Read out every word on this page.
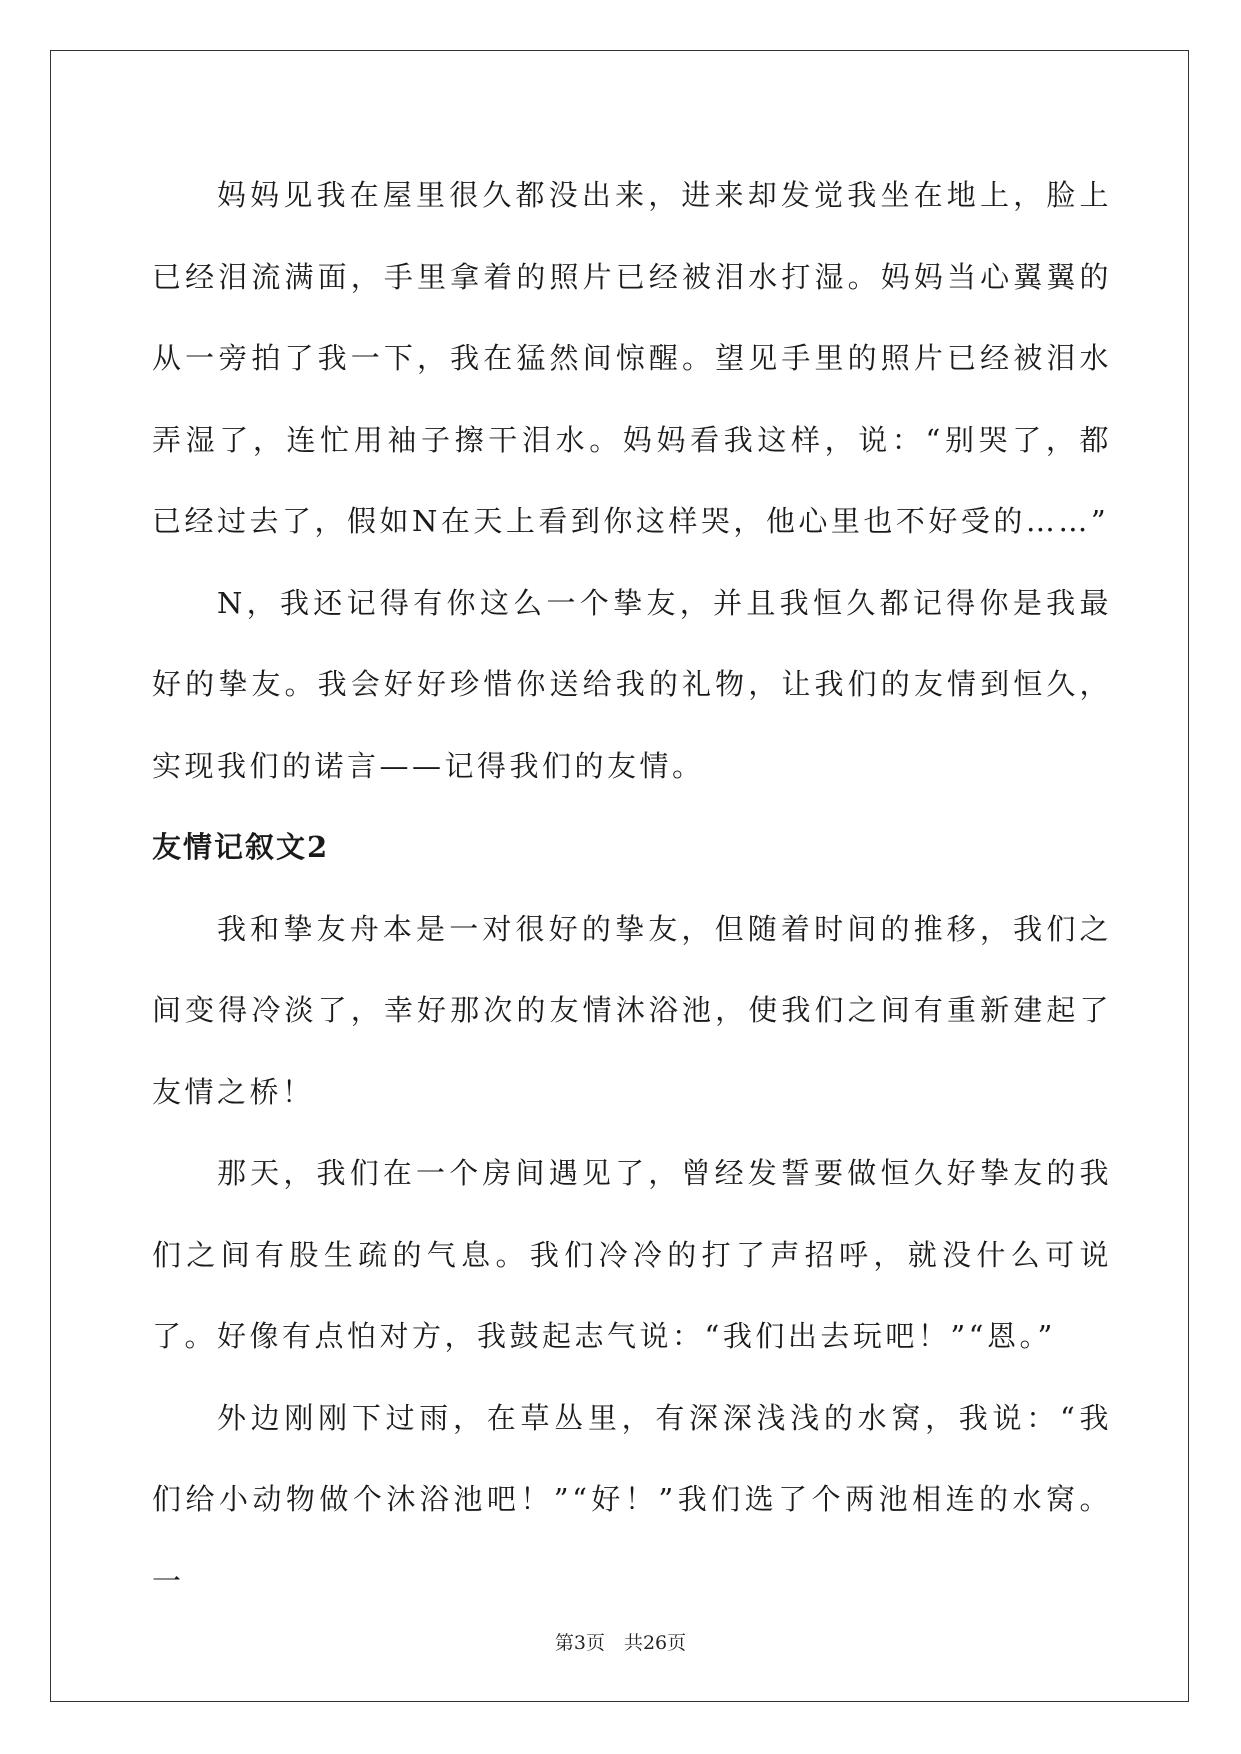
妈妈见我在屋里很久都没出来，进来却发觉我坐在地上，脸上已经泪流满面，手里拿着的照片已经被泪水打湿。妈妈当心翼翼的从一旁拍了我一下，我在猛然间惊醒。望见手里的照片已经被泪水弄湿了，连忙用袖子擦干泪水。妈妈看我这样，说：“别哭了，都已经过去了，假如N在天上看到你这样哭，他心里也不好受的……”

N，我还记得有你这么一个挚友，并且我恒久都记得你是我最好的挚友。我会好好珍惜你送给我的礼物，让我们的友情到恒久，实现我们的诺言——记得我们的友情。

友情记叙文2

我和挚友舟本是一对很好的挚友，但随着时间的推移，我们之间变得冷淡了，幸好那次的友情沐浴池，使我们之间有重新建起了友情之桥！

那天，我们在一个房间遇见了，曾经发誓要做恒久好挚友的我们之间有股生疏的气息。我们冷冷的打了声招呼，就没什么可说了。好像有点怕对方，我鼓起志气说：“我们出去玩吧！”“恩。”

外边刚刚下过雨，在草丛里，有深深浅浅的水窝，我说：“我们给小动物做个沐浴池吧！”“好！”我们选了个两池相连的水窝。一

第3页　共26页
